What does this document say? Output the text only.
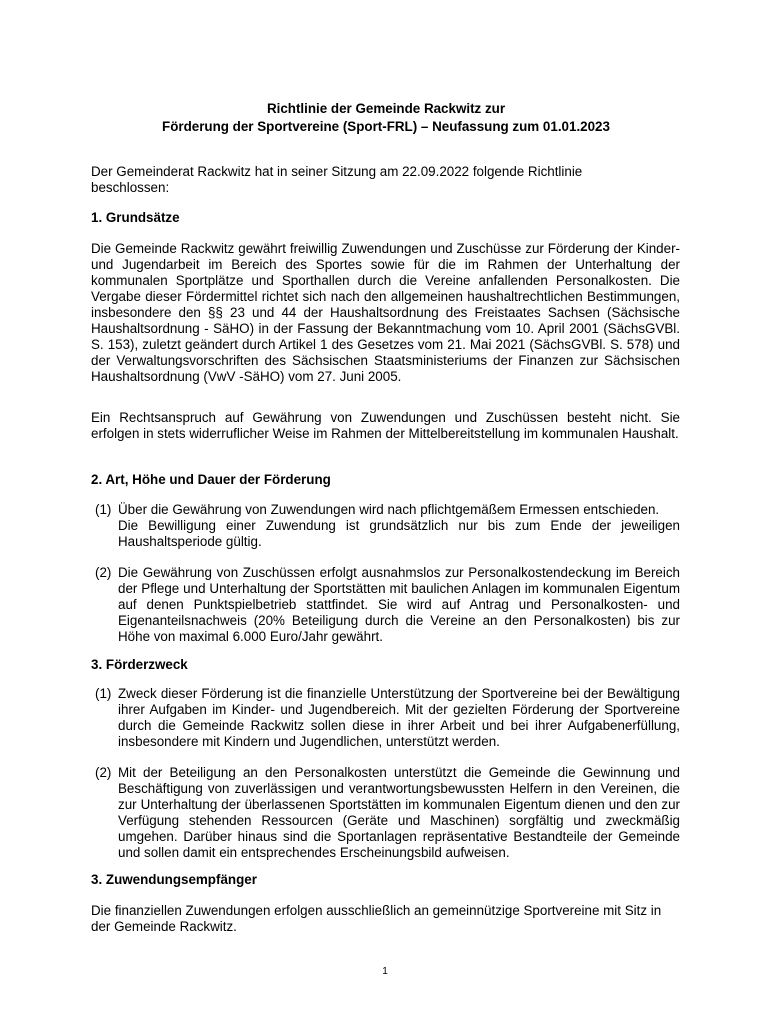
Richtlinie der Gemeinde Rackwitz zur
Förderung der Sportvereine (Sport-FRL) – Neufassung zum 01.01.2023

Der Gemeinderat Rackwitz hat in seiner Sitzung am 22.09.2022 folgende Richtlinie beschlossen:

1. Grundsätze

Die Gemeinde Rackwitz gewährt freiwillig Zuwendungen und Zuschüsse zur Förderung der Kinder- und Jugendarbeit im Bereich des Sportes sowie für die im Rahmen der Unterhaltung der kommunalen Sportplätze und Sporthallen durch die Vereine anfallenden Personalkosten. Die Vergabe dieser Fördermittel richtet sich nach den allgemeinen haushaltrechtlichen Bestimmungen, insbesondere den §§ 23 und 44 der Haushaltsordnung des Freistaates Sachsen (Sächsische Haushaltsordnung - SäHO) in der Fassung der Bekanntmachung vom 10. April 2001 (SächsGVBl. S. 153), zuletzt geändert durch Artikel 1 des Gesetzes vom 21. Mai 2021 (SächsGVBl. S. 578) und der Verwaltungsvorschriften des Sächsischen Staatsministeriums der Finanzen zur Sächsischen Haushaltsordnung (VwV -SäHO) vom 27. Juni 2005.

Ein Rechtsanspruch auf Gewährung von Zuwendungen und Zuschüssen besteht nicht. Sie erfolgen in stets widerruflicher Weise im Rahmen der Mittelbereitstellung im kommunalen Haushalt.

2. Art, Höhe und Dauer der Förderung

(1) Über die Gewährung von Zuwendungen wird nach pflichtgemäßem Ermessen entschieden.

Die Bewilligung einer Zuwendung ist grundsätzlich nur bis zum Ende der jeweiligen Haushaltsperiode gültig.

(2) Die Gewährung von Zuschüssen erfolgt ausnahmslos zur Personalkostendeckung im Bereich der Pflege und Unterhaltung der Sportstätten mit baulichen Anlagen im kommunalen Eigentum auf denen Punktspielbetrieb stattfindet. Sie wird auf Antrag und Personalkosten- und Eigenanteilsnachweis (20% Beteiligung durch die Vereine an den Personalkosten) bis zur Höhe von maximal 6.000 Euro/Jahr gewährt.

3. Förderzweck

(1) Zweck dieser Förderung ist die finanzielle Unterstützung der Sportvereine bei der Bewältigung ihrer Aufgaben im Kinder- und Jugendbereich. Mit der gezielten Förderung der Sportvereine durch die Gemeinde Rackwitz sollen diese in ihrer Arbeit und bei ihrer Aufgabenerfüllung, insbesondere mit Kindern und Jugendlichen, unterstützt werden.

(2) Mit der Beteiligung an den Personalkosten unterstützt die Gemeinde die Gewinnung und Beschäftigung von zuverlässigen und verantwortungsbewussten Helfern in den Vereinen, die zur Unterhaltung der überlassenen Sportstätten im kommunalen Eigentum dienen und den zur Verfügung stehenden Ressourcen (Geräte und Maschinen) sorgfältig und zweckmäßig umgehen. Darüber hinaus sind die Sportanlagen repräsentative Bestandteile der Gemeinde und sollen damit ein entsprechendes Erscheinungsbild aufweisen.

3. Zuwendungsempfänger

Die finanziellen Zuwendungen erfolgen ausschließlich an gemeinnützige Sportvereine mit Sitz in der Gemeinde Rackwitz.

1
